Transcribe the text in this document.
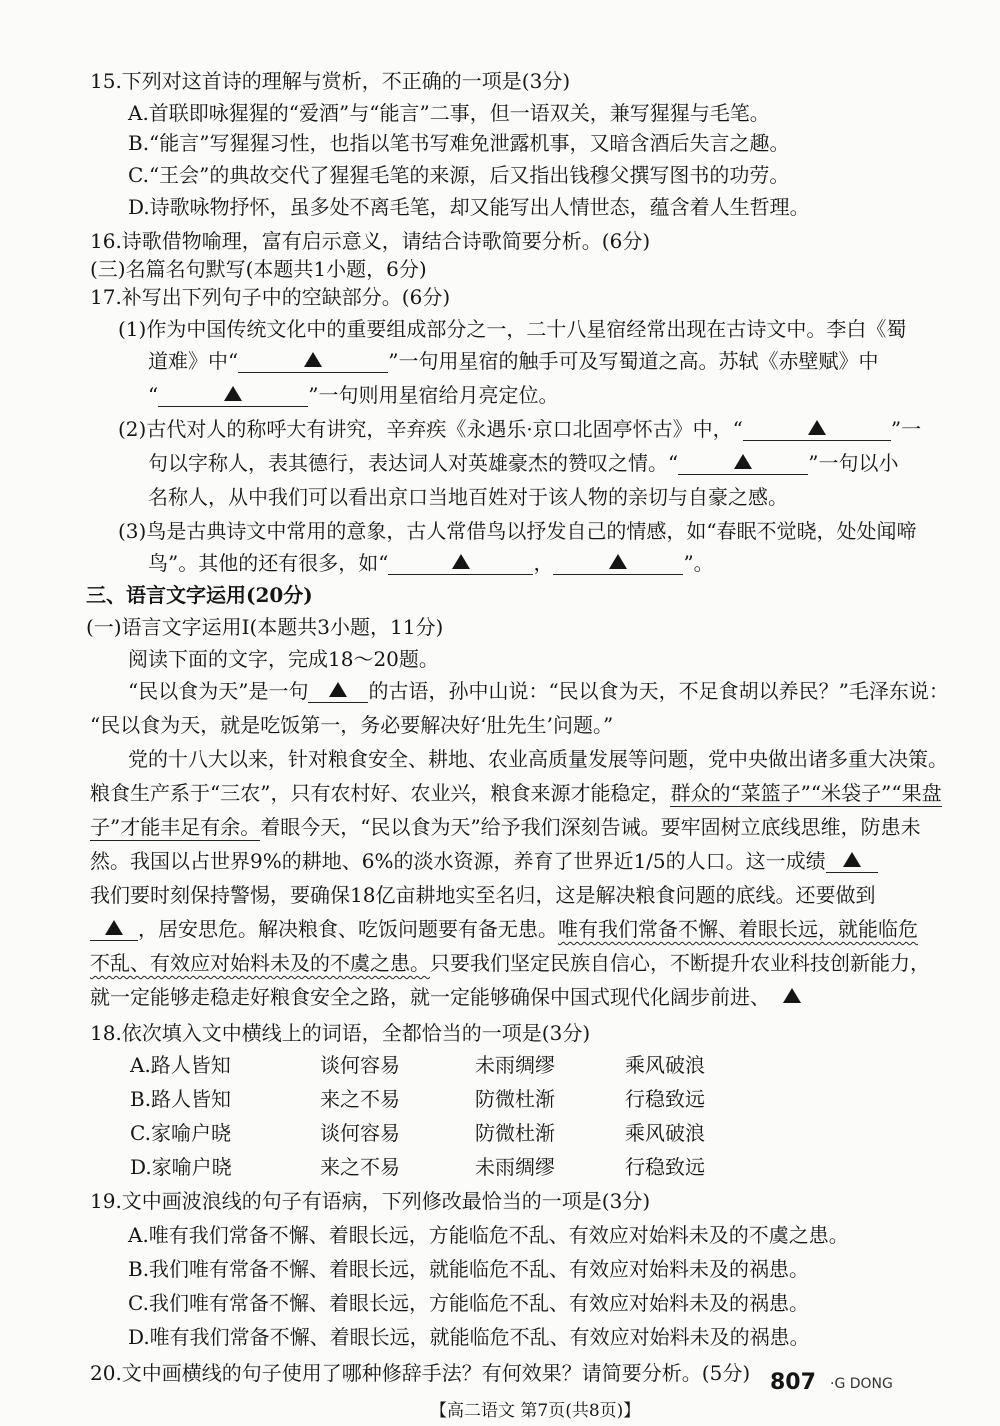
15.下列对这首诗的理解与赏析，不正确的一项是(3分)
A.首联即咏猩猩的“爱酒”与“能言”二事，但一语双关，兼写猩猩与毛笔。
B.“能言”写猩猩习性，也指以笔书写难免泄露机事，又暗含酒后失言之趣。
C.“王会”的典故交代了猩猩毛笔的来源，后又指出钱穆父撰写图书的功劳。
D.诗歌咏物抒怀，虽多处不离毛笔，却又能写出人情世态，蕴含着人生哲理。
16.诗歌借物喻理，富有启示意义，请结合诗歌简要分析。(6分)
(三)名篇名句默写(本题共1小题，6分)
17.补写出下列句子中的空缺部分。(6分)
(1)作为中国传统文化中的重要组成部分之一，二十八星宿经常出现在古诗文中。李白《蜀
道难》中“	”一句用星宿的触手可及写蜀道之高。苏轼《赤壁赋》中
“	”一句则用星宿给月亮定位。
(2)古代对人的称呼大有讲究，辛弃疾《永遇乐·京口北固亭怀古》中，“	”一
句以字称人，表其德行，表达词人对英雄豪杰的赞叹之情。“	”一句以小
名称人，从中我们可以看出京口当地百姓对于该人物的亲切与自豪之感。
(3)鸟是古典诗文中常用的意象，古人常借鸟以抒发自己的情感，如“春眠不觉晓，处处闻啼
鸟”。其他的还有很多，如“	，	”。
三、语言文字运用(20分)
(一)语言文字运用Ⅰ(本题共3小题，11分)
阅读下面的文字，完成18～20题。
“民以食为天”是一句	的古语，孙中山说：“民以食为天，不足食胡以养民？”毛泽东说：
“民以食为天，就是吃饭第一，务必要解决好‘肚先生’问题。”
党的十八大以来，针对粮食安全、耕地、农业高质量发展等问题，党中央做出诸多重大决策。
粮食生产系于“三农”，只有农村好、农业兴，粮食来源才能稳定，群众的“菜篮子”“米袋子”“果盘
子”才能丰足有余。着眼今天，“民以食为天”给予我们深刻告诫。要牢固树立底线思维，防患未
然。我国以占世界9%的耕地、6%的淡水资源，养育了世界近1/5的人口。这一成绩
我们要时刻保持警惕，要确保18亿亩耕地实至名归，这是解决粮食问题的底线。还要做到
，居安思危。解决粮食、吃饭问题要有备无患。唯有我们常备不懈、着眼长远，就能临危
不乱、有效应对始料未及的不虞之患。只要我们坚定民族自信心，不断提升农业科技创新能力，
就一定能够走稳走好粮食安全之路，就一定能够确保中国式现代化阔步前进、
18.依次填入文中横线上的词语，全都恰当的一项是(3分)
A.路人皆知	谈何容易	未雨绸缪	乘风破浪
B.路人皆知	来之不易	防微杜渐	行稳致远
C.家喻户晓	谈何容易	防微杜渐	乘风破浪
D.家喻户晓	来之不易	未雨绸缪	行稳致远
19.文中画波浪线的句子有语病，下列修改最恰当的一项是(3分)
A.唯有我们常备不懈、着眼长远，方能临危不乱、有效应对始料未及的不虞之患。
B.我们唯有常备不懈、着眼长远，就能临危不乱、有效应对始料未及的祸患。
C.我们唯有常备不懈、着眼长远，方能临危不乱、有效应对始料未及的祸患。
【高二语文 第7页(共8页)】
807 ·G DONG
D.唯有我们常备不懈、着眼长远，就能临危不乱、有效应对始料未及的祸患。
20.文中画横线的句子使用了哪种修辞手法？有何效果？请简要分析。(5分)
